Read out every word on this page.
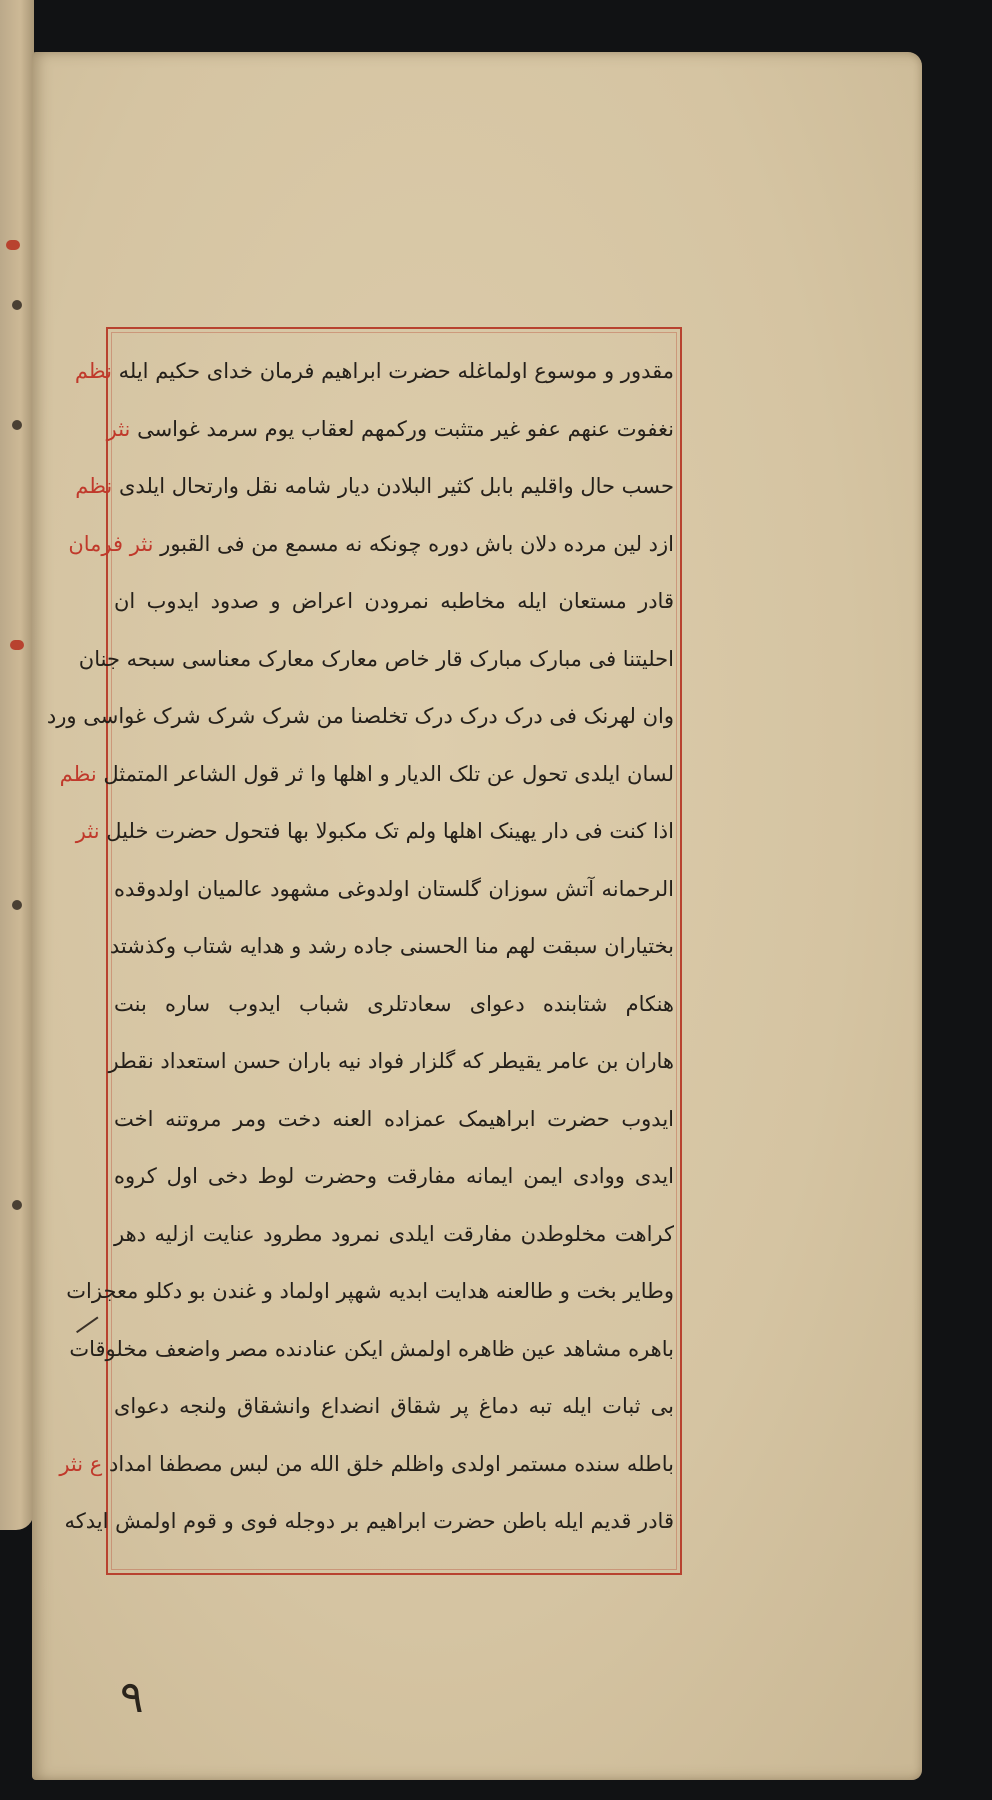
مقدور و موسوع اولماغله حضرت ابراهیم فرمان خدای حکیم ایله نظم
نغفوت عنهم عفو غیر متثبت ورکمهم لعقاب یوم سرمد غواسی نثر
حسب حال واقلیم بابل کثیر البلادن دیار شامه نقل وارتحال ایلدی نظم
ازد لین مرده دلان باش دوره چونکه نه مسمع من فی القبور نثر فرمان
قادر مستعان ایله مخاطبه نمرودن اعراض و صدود ایدوب ان
احلیتنا فی مبارک مبارک قار خاص معارک معارک معناسی سبحه جنان
وان لهرنک فی درک درک درک تخلصنا من شرک شرک شرک غواسی ورد
لسان ایلدی تحول عن تلک الدیار و اهلها وا ثر قول الشاعر المتمثل نظم
اذا کنت فی دار یهینک اهلها ولم تک مکبولا بها فتحول حضرت خلیل نثر
الرحمانه آتش سوزان گلستان اولدوغی مشهود عالمیان اولدوقده
بختیاران سبقت لهم منا الحسنی جاده رشد و هدایه شتاب وکذشتد
هنکام شتابنده دعوای سعادتلری شباب ایدوب ساره بنت
هاران بن عامر یقیطر که گلزار فواد نیه باران حسن استعداد نقطر
ایدوب حضرت ابراهیمک عمزاده العنه دخت ومر مروتنه اخت
ایدی ووادی ایمن ایمانه مفارقت وحضرت لوط دخی اول کروه
کراهت مخلوطدن مفارقت ایلدی نمرود مطرود عنایت ازلیه دهر
وطایر بخت و طالعنه هدایت ابدیه شهپر اولماد و غندن بو دکلو معجزات
باهره مشاهد عین ظاهره اولمش ایکن عنادنده مصر واضعف مخلوقات
بی ثبات ایله تبه دماغ پر شقاق انضداع وانشقاق ولنجه دعوای
باطله سنده مستمر اولدی واظلم خلق الله من لبس مصطفا امداد ع نثر
قادر قدیم ایله باطن حضرت ابراهیم بر دوجله فوی و قوم اولمش ایدکه
٩
